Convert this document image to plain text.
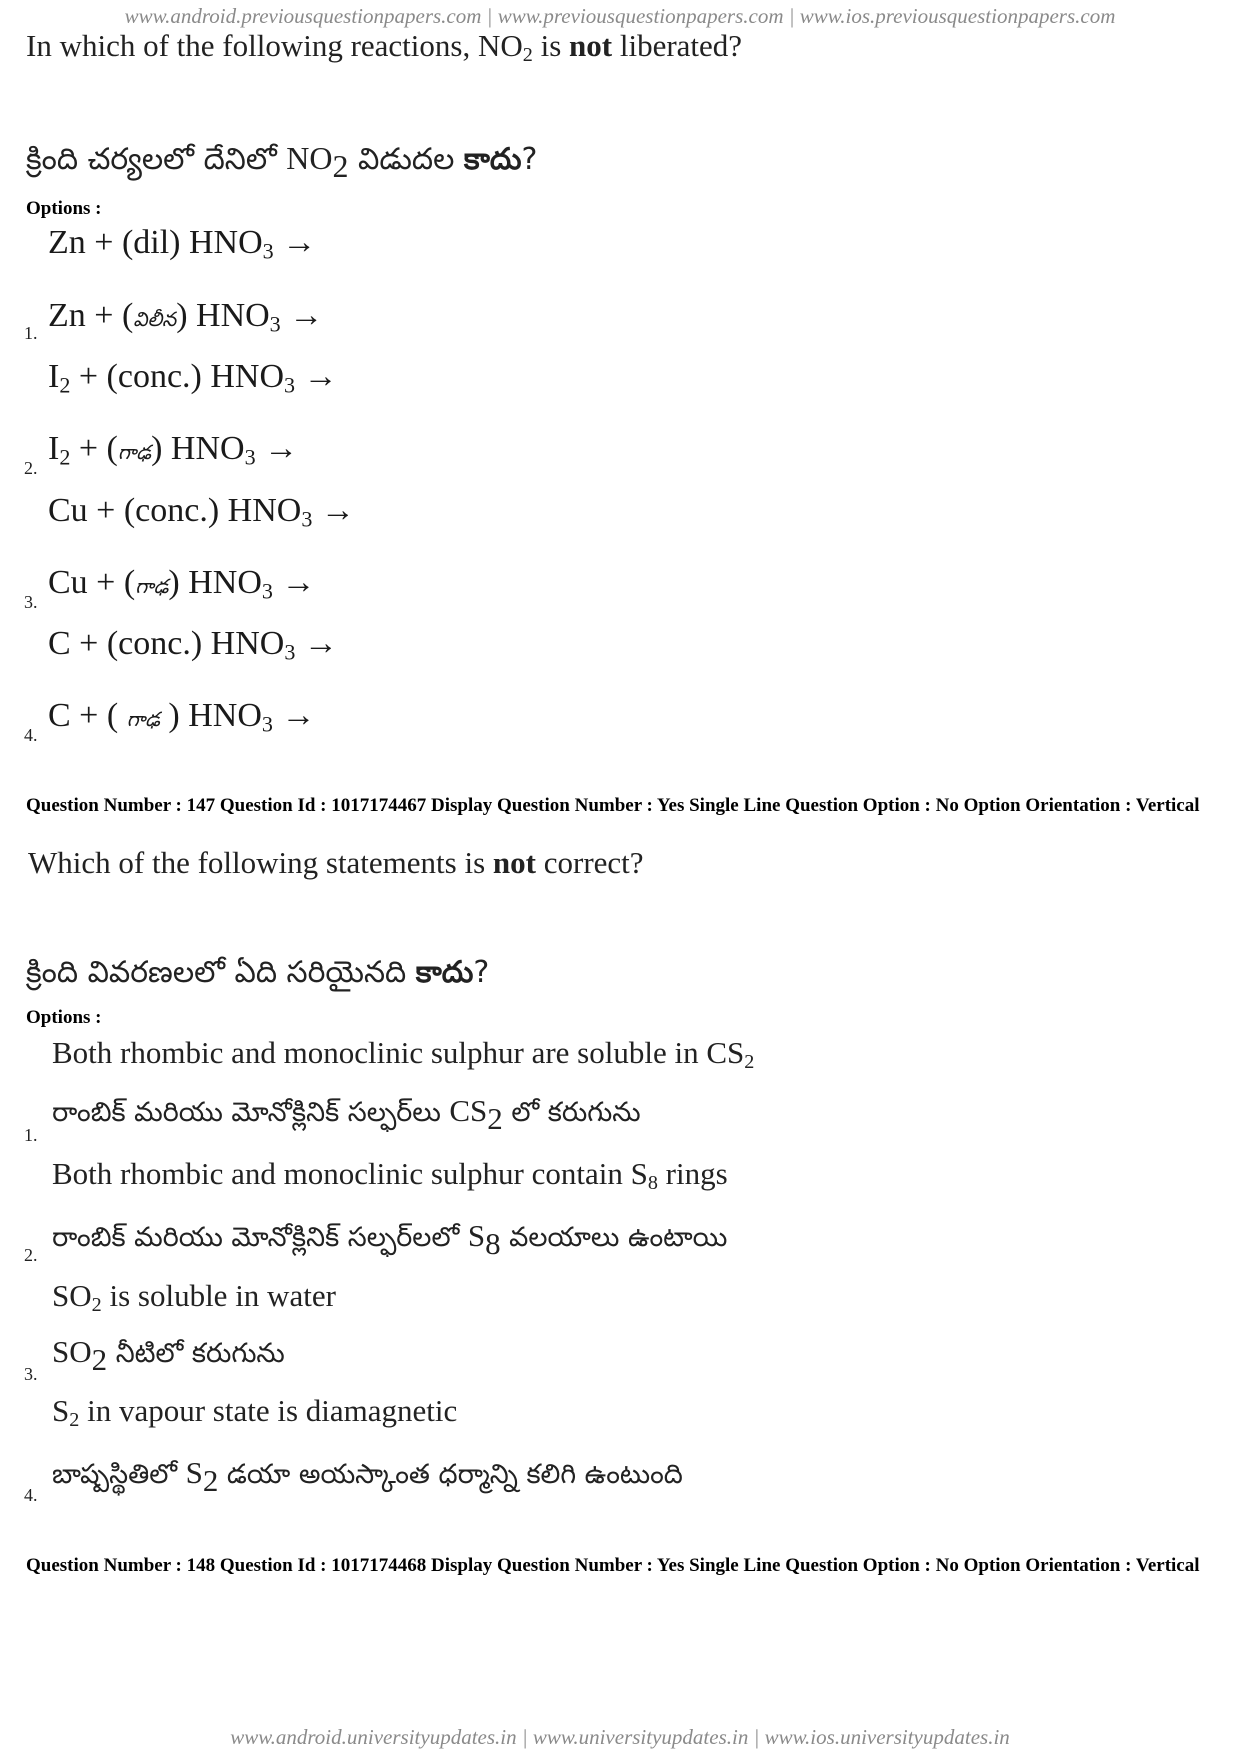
www.android.previousquestionpapers.com | www.previousquestionpapers.com | www.ios.previousquestionpapers.com
In which of the following reactions, $NO_2$ is not liberated?
క్రింది చర్యలలో దేనిలో $NO_2$ విడుదల కాదు?
Options :
Zn + (dil) $HNO_3$ →
1. Zn + (విలీన) $HNO_3$ →
$I_2$ + (conc.) $HNO_3$ →
2.
$I_2$ + (గాఢ) $HNO_3$ →
Cu + (conc.) $HNO_3$ →
3.
Cu + (గాఢ) $HNO_3$ →
C + (conc.) $HNO_3$ →
4.
C + ( గాఢ ) $HNO_3$ →
Question Number : 147 Question Id : 1017174467 Display Question Number : Yes Single Line Question Option : No Option Orientation : Vertical
Which of the following statements is not correct?
క్రింది వివరణలలో ఏది సరియైనది కాదు?
Options :
Both rhombic and monoclinic sulphur are soluble in $CS_2$
1.
రాంబిక్ మరియు మోనోక్లినిక్ సల్ఫర్‌లు $CS_2$ లో కరుగును
Both rhombic and monoclinic sulphur contain $S_8$ rings
2.
రాంబిక్ మరియు మోనోక్లినిక్ సల్ఫర్‌లలో $S_8$ వలయాలు ఉంటాయి
$SO_2$ is soluble in water
3.
$SO_2$ నీటిలో కరుగును
$S_2$ in vapour state is diamagnetic
4.
బాష్పస్థితిలో $S_2$ డయా అయస్కాంత ధర్మాన్ని కలిగి ఉంటుంది
Question Number : 148 Question Id : 1017174468 Display Question Number : Yes Single Line Question Option : No Option Orientation : Vertical
www.android.universityupdates.in | www.universityupdates.in | www.ios.universityupdates.in
